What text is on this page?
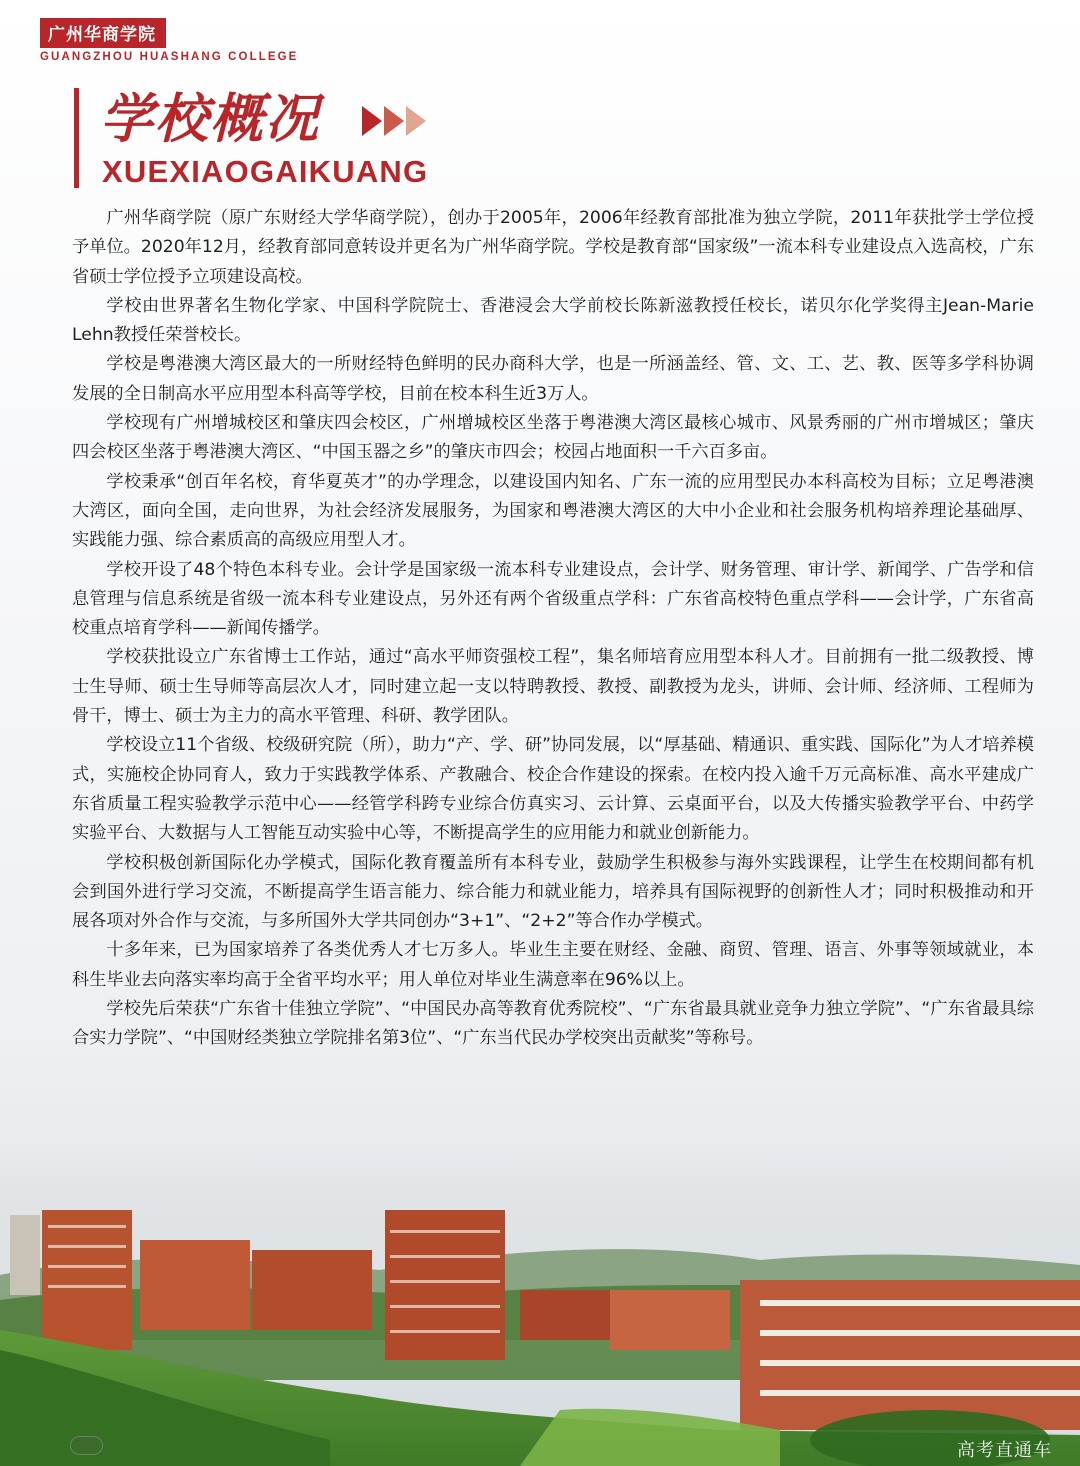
广州华商学院
GUANGZHOU HUASHANG COLLEGE
学校概况
XUEXIAOGAIKUANG

广州华商学院（原广东财经大学华商学院），创办于2005年，2006年经教育部批准为独立学院，2011年获批学士学位授予单位。2020年12月，经教育部同意转设并更名为广州华商学院。学校是教育部“国家级”一流本科专业建设点入选高校，广东省硕士学位授予立项建设高校。

学校由世界著名生物化学家、中国科学院院士、香港浸会大学前校长陈新滋教授任校长，诺贝尔化学奖得主Jean-Marie Lehn教授任荣誉校长。

学校是粤港澳大湾区最大的一所财经特色鲜明的民办商科大学，也是一所涵盖经、管、文、工、艺、教、医等多学科协调发展的全日制高水平应用型本科高等学校，目前在校本科生近3万人。

学校现有广州增城校区和肇庆四会校区，广州增城校区坐落于粤港澳大湾区最核心城市、风景秀丽的广州市增城区；肇庆四会校区坐落于粤港澳大湾区、“中国玉器之乡”的肇庆市四会；校园占地面积一千六百多亩。

学校秉承“创百年名校，育华夏英才”的办学理念，以建设国内知名、广东一流的应用型民办本科高校为目标；立足粤港澳大湾区，面向全国，走向世界，为社会经济发展服务，为国家和粤港澳大湾区的大中小企业和社会服务机构培养理论基础厚、实践能力强、综合素质高的高级应用型人才。

学校开设了48个特色本科专业。会计学是国家级一流本科专业建设点，会计学、财务管理、审计学、新闻学、广告学和信息管理与信息系统是省级一流本科专业建设点，另外还有两个省级重点学科：广东省高校特色重点学科——会计学，广东省高校重点培育学科——新闻传播学。

学校获批设立广东省博士工作站，通过“高水平师资强校工程”，集名师培育应用型本科人才。目前拥有一批二级教授、博士生导师、硕士生导师等高层次人才，同时建立起一支以特聘教授、教授、副教授为龙头，讲师、会计师、经济师、工程师为骨干，博士、硕士为主力的高水平管理、科研、教学团队。

学校设立11个省级、校级研究院（所），助力“产、学、研”协同发展，以“厚基础、精通识、重实践、国际化”为人才培养模式，实施校企协同育人，致力于实践教学体系、产教融合、校企合作建设的探索。在校内投入逾千万元高标准、高水平建成广东省质量工程实验教学示范中心——经管学科跨专业综合仿真实习、云计算、云桌面平台，以及大传播实验教学平台、中药学实验平台、大数据与人工智能互动实验中心等，不断提高学生的应用能力和就业创新能力。

学校积极创新国际化办学模式，国际化教育覆盖所有本科专业，鼓励学生积极参与海外实践课程，让学生在校期间都有机会到国外进行学习交流，不断提高学生语言能力、综合能力和就业能力，培养具有国际视野的创新性人才；同时积极推动和开展各项对外合作与交流，与多所国外大学共同创办“3+1”、“2+2”等合作办学模式。

十多年来，已为国家培养了各类优秀人才七万多人。毕业生主要在财经、金融、商贸、管理、语言、外事等领域就业，本科生毕业去向落实率均高于全省平均水平；用人单位对毕业生满意率在96%以上。

学校先后荣获“广东省十佳独立学院”、“中国民办高等教育优秀院校”、“广东省最具就业竞争力独立学院”、“广东省最具综合实力学院”、“中国财经类独立学院排名第3位”、“广东当代民办学校突出贡献奖”等称号。

01	高考直通车
